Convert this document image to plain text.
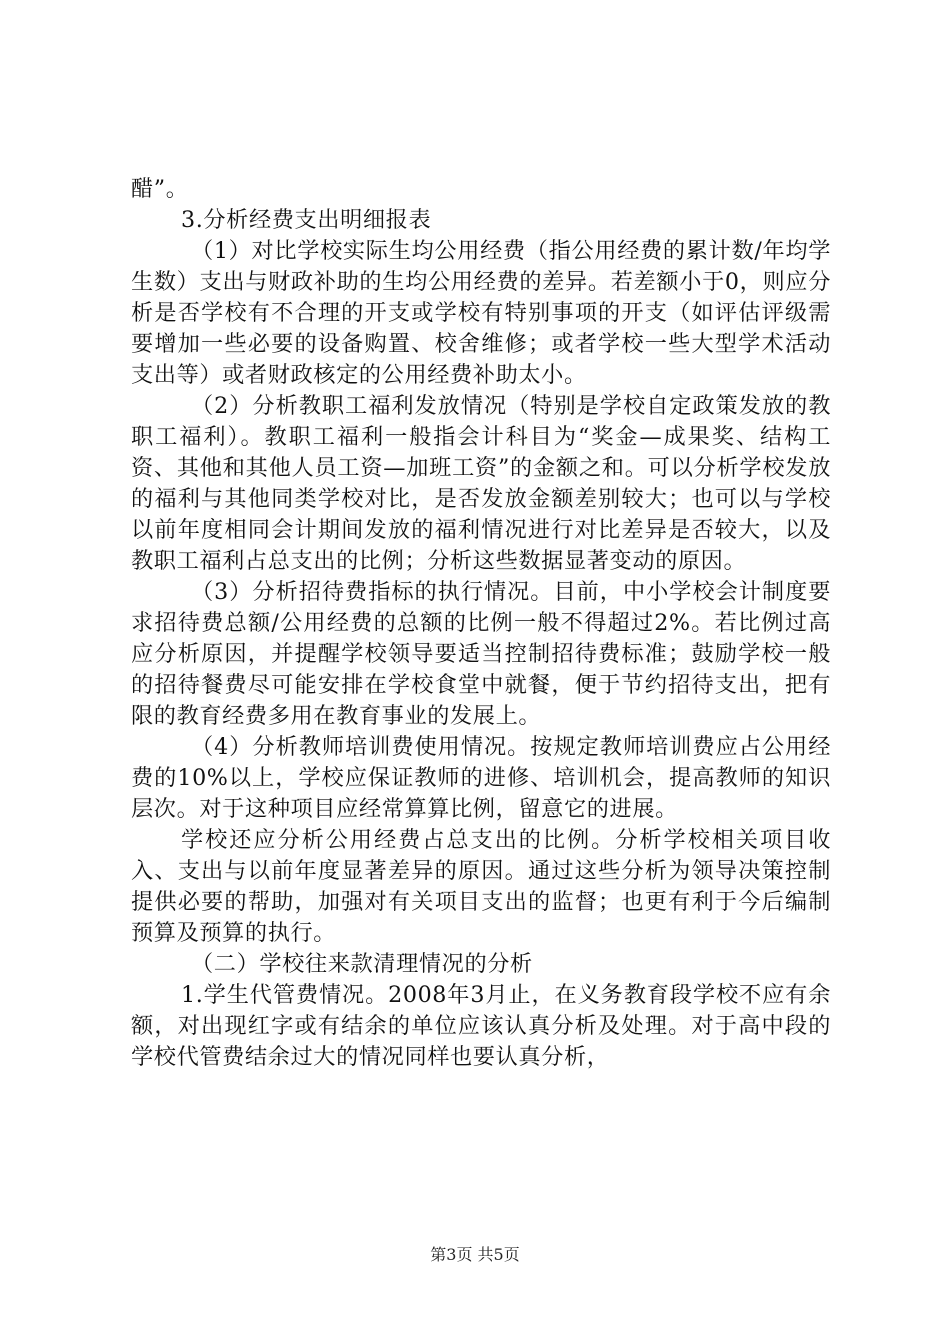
醋”。

3.分析经费支出明细报表

（1）对比学校实际生均公用经费（指公用经费的累计数/年均学生数）支出与财政补助的生均公用经费的差异。若差额小于0，则应分析是否学校有不合理的开支或学校有特别事项的开支（如评估评级需要增加一些必要的设备购置、校舍维修；或者学校一些大型学术活动支出等）或者财政核定的公用经费补助太小。

（2）分析教职工福利发放情况（特别是学校自定政策发放的教职工福利）。教职工福利一般指会计科目为“奖金—成果奖、结构工资、其他和其他人员工资—加班工资”的金额之和。可以分析学校发放的福利与其他同类学校对比，是否发放金额差别较大；也可以与学校以前年度相同会计期间发放的福利情况进行对比差异是否较大，以及教职工福利占总支出的比例；分析这些数据显著变动的原因。

（3）分析招待费指标的执行情况。目前，中小学校会计制度要求招待费总额/公用经费的总额的比例一般不得超过2%。若比例过高应分析原因，并提醒学校领导要适当控制招待费标准；鼓励学校一般的招待餐费尽可能安排在学校食堂中就餐，便于节约招待支出，把有限的教育经费多用在教育事业的发展上。

（4）分析教师培训费使用情况。按规定教师培训费应占公用经费的10%以上，学校应保证教师的进修、培训机会，提高教师的知识层次。对于这种项目应经常算算比例，留意它的进展。

学校还应分析公用经费占总支出的比例。分析学校相关项目收入、支出与以前年度显著差异的原因。通过这些分析为领导决策控制提供必要的帮助，加强对有关项目支出的监督；也更有利于今后编制预算及预算的执行。

（二）学校往来款清理情况的分析

1.学生代管费情况。2008年3月止，在义务教育段学校不应有余额，对出现红字或有结余的单位应该认真分析及处理。对于高中段的学校代管费结余过大的情况同样也要认真分析，

第3页 共5页
